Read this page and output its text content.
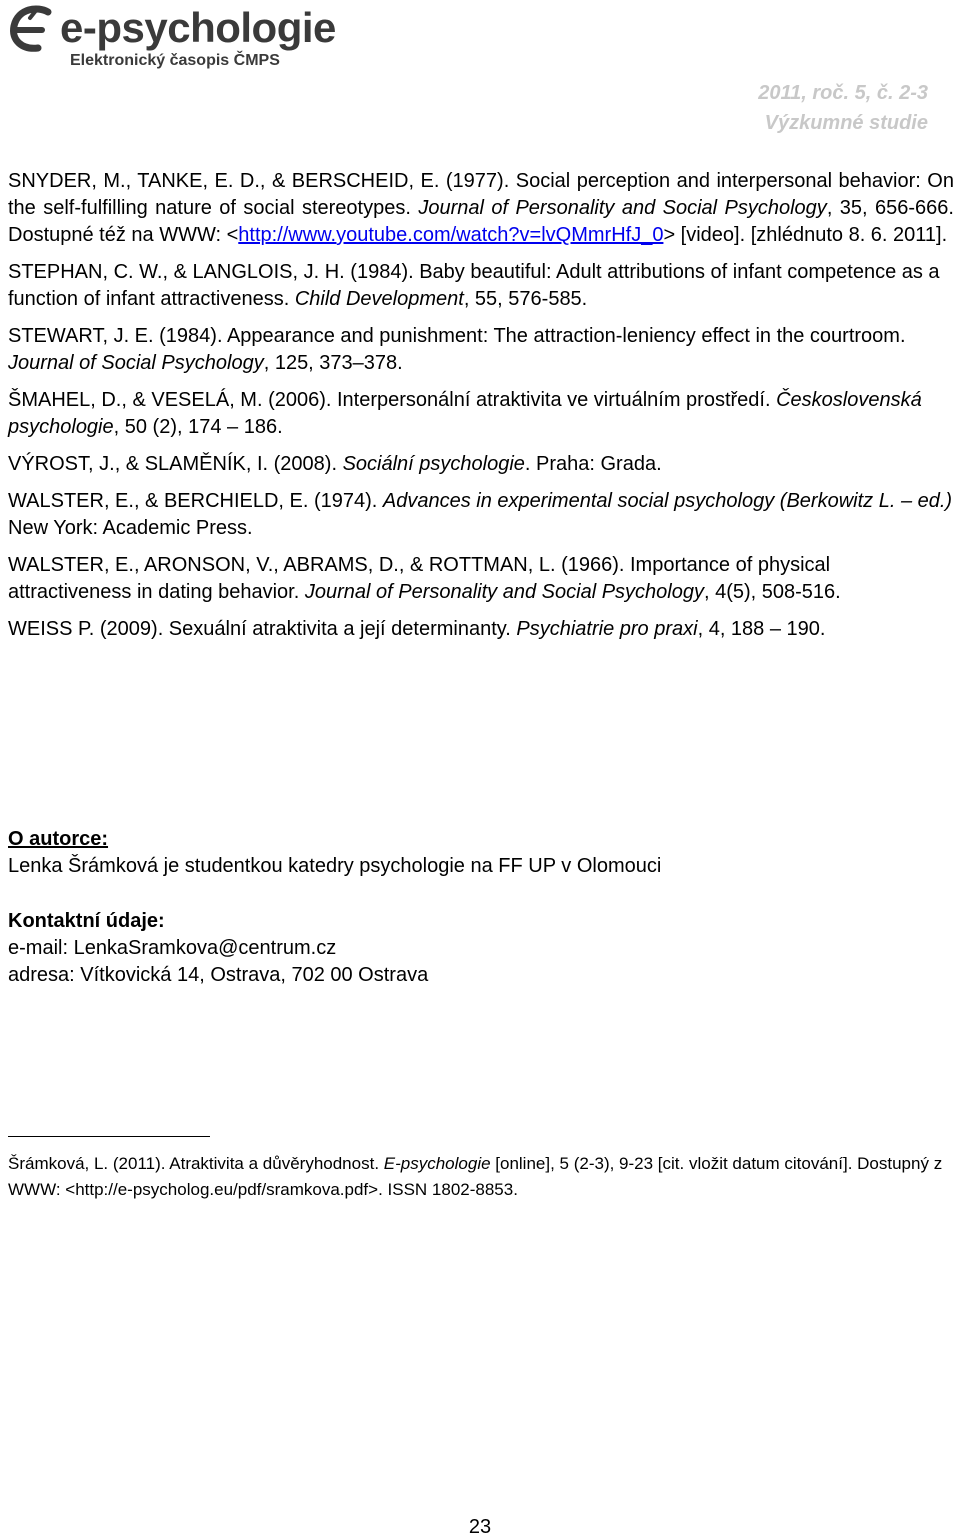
e-psychologie
Elektronický časopis ČMPS
2011, roč. 5, č. 2-3
Výzkumné studie

SNYDER, M., TANKE, E. D., & BERSCHEID, E. (1977). Social perception and interpersonal behavior: On the self-fulfilling nature of social stereotypes. Journal of Personality and Social Psychology, 35, 656-666. Dostupné též na WWW: <http://www.youtube.com/watch?v=lvQMmrHfJ_0> [video]. [zhlédnuto 8. 6. 2011].

STEPHAN, C. W., & LANGLOIS, J. H. (1984). Baby beautiful: Adult attributions of infant competence as a function of infant attractiveness. Child Development, 55, 576-585.

STEWART, J. E. (1984). Appearance and punishment: The attraction-leniency effect in the courtroom. Journal of Social Psychology, 125, 373–378.

ŠMAHEL, D., & VESELÁ, M. (2006). Interpersonální atraktivita ve virtuálním prostředí. Československá psychologie, 50 (2), 174 – 186.

VÝROST, J., & SLAMĚNÍK, I. (2008). Sociální psychologie. Praha: Grada.

WALSTER, E., & BERCHIELD, E. (1974). Advances in experimental social psychology (Berkowitz L. – ed.) New York: Academic Press.

WALSTER, E., ARONSON, V., ABRAMS, D., & ROTTMAN, L. (1966). Importance of physical attractiveness in dating behavior. Journal of Personality and Social Psychology, 4(5), 508-516.

WEISS P. (2009). Sexuální atraktivita a její determinanty. Psychiatrie pro praxi, 4, 188 – 190.

O autorce:
Lenka Šrámková je studentkou katedry psychologie na FF UP v Olomouci
Kontaktní údaje:
e-mail: LenkaSramkova@centrum.cz
adresa: Vítkovická 14, Ostrava, 702 00 Ostrava
Šrámková, L. (2011). Atraktivita a důvěryhodnost. E-psychologie [online], 5 (2-3), 9-23 [cit. vložit datum citování]. Dostupný z WWW: <http://e-psycholog.eu/pdf/sramkova.pdf>. ISSN 1802-8853.
23
